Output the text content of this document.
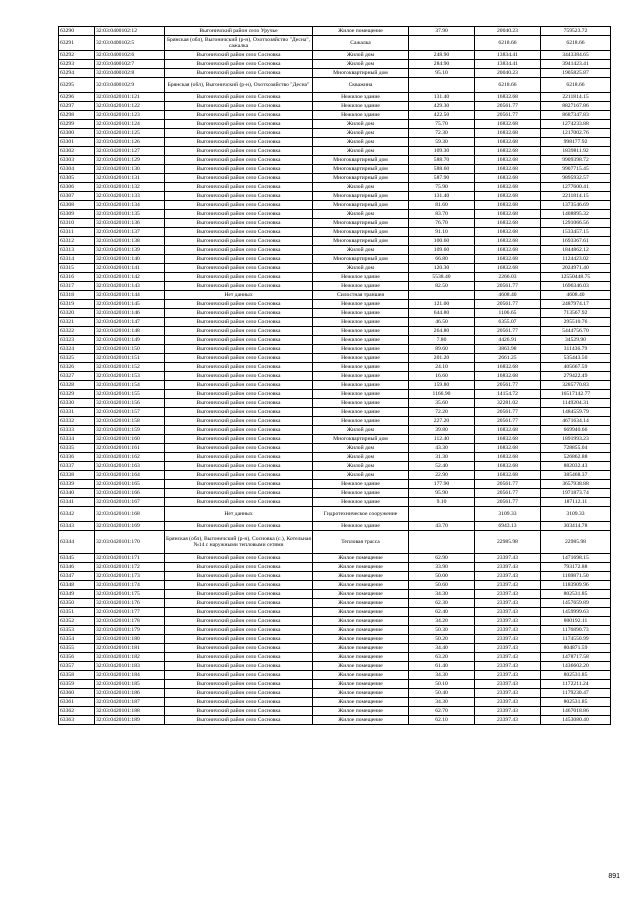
63290	32:03:0400102:12	Выгоничский район село Уручье	Жилое помещение	37.90	20040.23	759523.72
63291	32:03:0400102:5	Брянская (обл), Выгоничский (р-н), Охотхозяйство "Десна", сажалка	Сажалка		6218.66	6218.66
63292	32:03:0400102:6	Выгоничский район село Сосновка	Жилой дом	248.90	13834.41	3443384.65
63293	32:03:0400102:7	Выгоничский район село Сосновка	Жилой дом	284.90	13834.41	3941423.41
63294	32:03:0400102:8	Выгоничский район село Сосновка	Многоквартирный дом	95.10	20040.23	1905825.87
63295	32:03:0400102:9	Брянская (обл), Выгоничский (р-н), Охотхозяйство "Десна"	Скважина		6218.66	6218.66
63296	32:03:0420101:121	Выгоничский район село Сосновка	Нежилое здание	131.40	16832.68	2211814.15
63297	32:03:0420101:122	Выгоничский район село Сосновка	Нежилое здание	429.30	20561.77	8827167.86
63298	32:03:0420101:123	Выгоничский район село Сосновка	Нежилое здание	422.50	20561.77	8687347.83
63299	32:03:0420101:124	Выгоничский район село Сосновка	Жилой дом	75.70	16832.68	1274233.88
63300	32:03:0420101:125	Выгоничский район село Сосновка	Жилой дом	72.30	16832.68	1217002.76
63301	32:03:0420101:126	Выгоничский район село Сосновка	Жилой дом	59.30	16832.68	998177.92
63302	32:03:0420101:127	Выгоничский район село Сосновка	Жилой дом	109.30	16832.68	1839811.92
63303	32:03:0420101:129	Выгоничский район село Сосновка	Многоквартирный дом	588.70	16832.68	9909398.72
63304	32:03:0420101:130	Выгоничский район село Сосновка	Многоквартирный дом	588.60	16832.68	9907715.45
63305	32:03:0420101:131	Выгоничский район село Сосновка	Многоквартирный дом	587.90	16832.68	9895932.57
63306	32:03:0420101:132	Выгоничский район село Сосновка	Жилой дом	75.90	16832.68	1277600.41
63307	32:03:0420101:133	Выгоничский район село Сосновка	Многоквартирный дом	131.40	16832.68	2211814.15
63308	32:03:0420101:134	Выгоничский район село Сосновка	Многоквартирный дом	81.60	16832.68	1373546.69
63309	32:03:0420101:135	Выгоничский район село Сосновка	Жилой дом	83.70	16832.68	1408895.32
63310	32:03:0420101:136	Выгоничский район село Сосновка	Многоквартирный дом	76.70	16832.68	1291066.56
63311	32:03:0420101:137	Выгоничский район село Сосновка	Многоквартирный дом	91.10	16832.68	1533457.15
63312	32:03:0420101:138	Выгоничский район село Сосновка	Многоквартирный дом	100.60	16832.68	1693367.61
63313	32:03:0420101:139	Выгоничский район село Сосновка	Жилой дом	109.60	16832.68	1844862.12
63314	32:03:0420101:140	Выгоничский район село Сосновка	Многоквартирный дом	66.80	16832.68	1124423.02
63315	32:03:0420101:141	Выгоничский район село Сосновка	Жилой дом	120.30	16832.68	2024971.40
63316	32:03:0420101:142	Выгоничский район село Сосновка	Нежилое здание	5538.40	2266.03	12550448.75
63317	32:03:0420101:143	Выгоничский район село Сосновка	Нежилое здание	82.50	20561.77	1696346.03
63318	32:03:0420101:144	Нет данных	Силостная траншея		4608.40	4608.40
63319	32:03:0420101:145	Выгоничский район село Сосновка	Нежилое здание	121.00	20561.77	2487974.17
63320	32:03:0420101:146	Выгоничский район село Сосновка	Нежилое здание	644.80	1106.65	713567.92
63321	32:03:0420101:147	Выгоничский район село Сосновка	Нежилое здание	46.50	6355.07	295510.76
63322	32:03:0420101:148	Выгоничский район село Сосновка	Нежилое здание	264.80	20561.77	5444756.70
63323	32:03:0420101:149	Выгоничский район село Сосновка	Нежилое здание	7.80	4426.91	34529.90
63324	32:03:0420101:150	Выгоничский район село Сосновка	Нежилое здание	89.60	3863.98	311436.79
63325	32:03:0420101:151	Выгоничский район село Сосновка	Нежилое здание	201.20	2661.25	535443.50
63326	32:03:0420101:152	Выгоничский район село Сосновка	Нежилое здание	24.10	16832.68	405667.59
63327	32:03:0420101:153	Выгоничский район село Сосновка	Нежилое здание	16.60	16832.68	279422.49
63328	32:03:0420101:154	Выгоничский район село Сосновка	Нежилое здание	159.80	20561.77	3285770.83
63329	32:03:0420101:155	Выгоничский район село Сосновка	Нежилое здание	1166.90	14154.72	16517142.77
63330	32:03:0420101:156	Выгоничский район село Сосновка	Нежилое здание	35.60	32281.02	1149204.31
63331	32:03:0420101:157	Выгоничский район село Сосновка	Нежилое здание	72.20	20561.77	1484559.79
63332	32:03:0420101:158	Выгоничский район село Сосновка	Нежилое здание	227.20	20561.77	4671634.14
63333	32:03:0420101:159	Выгоничский район село Сосновка	Жилой дом	39.80	16832.68	669940.66
63334	32:03:0420101:160	Выгоничский район село Сосновка	Многоквартирный дом	112.40	16832.68	1891993.23
63335	32:03:0420101:161	Выгоничский район село Сосновка	Жилой дом	43.30	16832.68	728855.04
63336	32:03:0420101:162	Выгоничский район село Сосновка	Жилой дом	31.30	16832.68	526862.88
63337	32:03:0420101:163	Выгоничский район село Сосновка	Жилой дом	52.40	16832.68	882032.43
63338	32:03:0420101:164	Выгоничский район село Сосновка	Жилой дом	22.90	16832.68	385468.37
63339	32:03:0420101:165	Выгоничский район село Сосновка	Нежилое здание	177.90	20561.77	3657938.88
63340	32:03:0420101:166	Выгоничский район село Сосновка	Нежилое здание	95.90	20561.77	1971873.74
63341	32:03:0420101:167	Выгоничский район село Сосновка	Нежилое здание	9.10	20561.77	187112.11
63342	32:03:0420101:168	Нет данных	Гидротехническое сооружение		3109.33	3109.33
63343	32:03:0420101:169	Выгоничский район село Сосновка	Нежилое здание	43.70	6943.13	303414.78
63344	32:03:0420101:170	Брянская (обл), Выгоничский (р-н), Сосновка (с.), Котельная №14 с наружными тепловыми сетями	Тепловая трасса		22985.98	22985.98
63345	32:03:0420101:171	Выгоничский район село Сосновка	Жилое помещение	62.90	23397.43	1471698.15
63346	32:03:0420101:172	Выгоничский район село Сосновка	Жилое помещение	33.90	23397.43	793172.88
63347	32:03:0420101:173	Выгоничский район село Сосновка	Жилое помещение	50.00	23397.43	1169871.50
63348	32:03:0420101:174	Выгоничский район село Сосновка	Жилое помещение	50.60	23397.43	1183909.96
63349	32:03:0420101:175	Выгоничский район село Сосновка	Жилое помещение	34.30	23397.43	802531.85
63350	32:03:0420101:176	Выгоничский район село Сосновка	Жилое помещение	62.30	23397.43	1457659.89
63351	32:03:0420101:177	Выгоничский район село Сосновка	Жилое помещение	62.40	23397.43	1459999.63
63352	32:03:0420101:178	Выгоничский район село Сосновка	Жилое помещение	34.20	23397.43	800192.11
63353	32:03:0420101:179	Выгоничский район село Сосновка	Жилое помещение	50.30	23397.43	1176890.73
63354	32:03:0420101:180	Выгоничский район село Сосновка	Жилое помещение	50.20	23397.43	1174550.99
63355	32:03:0420101:181	Выгоничский район село Сосновка	Жилое помещение	34.40	23397.43	804871.59
63356	32:03:0420101:182	Выгоничский район село Сосновка	Жилое помещение	63.20	23397.43	1478717.58
63357	32:03:0420101:183	Выгоничский район село Сосновка	Жилое помещение	61.40	23397.43	1436602.20
63358	32:03:0420101:184	Выгоничский район село Сосновка	Жилое помещение	34.30	23397.43	802531.85
63359	32:03:0420101:185	Выгоничский район село Сосновка	Жилое помещение	50.10	23397.43	1172211.24
63360	32:03:0420101:186	Выгоничский район село Сосновка	Жилое помещение	50.40	23397.43	1179230.47
63361	32:03:0420101:187	Выгоничский район село Сосновка	Жилое помещение	34.30	23397.43	802531.85
63362	32:03:0420101:188	Выгоничский район село Сосновка	Жилое помещение	62.70	23397.43	1467018.86
63363	32:03:0420101:189	Выгоничский район село Сосновка	Жилое помещение	62.10	23397.43	1453080.40
891
